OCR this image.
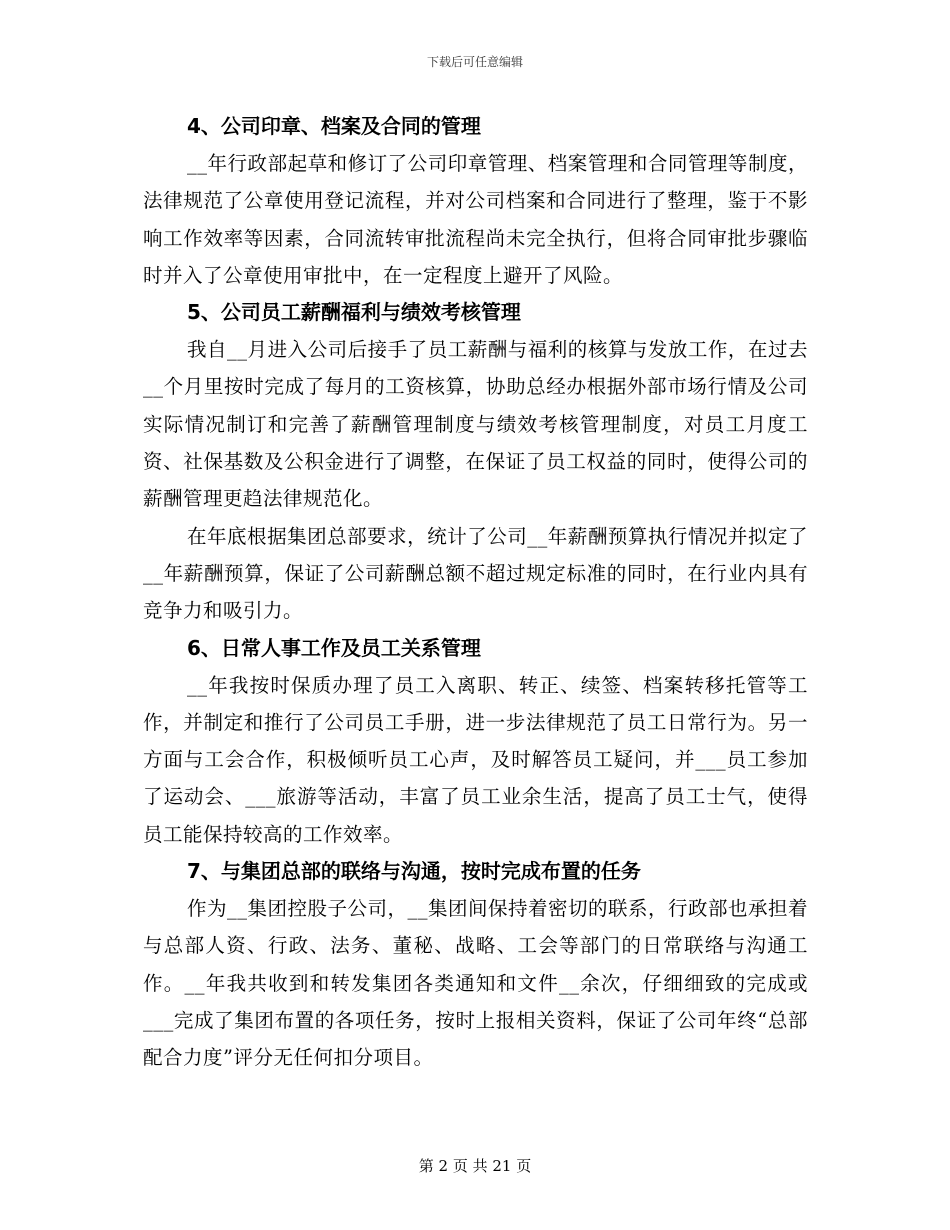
下载后可任意编辑
4、公司印章、档案及合同的管理

__年行政部起草和修订了公司印章管理、档案管理和合同管理等制度，法律规范了公章使用登记流程，并对公司档案和合同进行了整理，鉴于不影响工作效率等因素，合同流转审批流程尚未完全执行，但将合同审批步骤临时并入了公章使用审批中，在一定程度上避开了风险。

5、公司员工薪酬福利与绩效考核管理

我自__月进入公司后接手了员工薪酬与福利的核算与发放工作，在过去__个月里按时完成了每月的工资核算，协助总经办根据外部市场行情及公司实际情况制订和完善了薪酬管理制度与绩效考核管理制度，对员工月度工资、社保基数及公积金进行了调整，在保证了员工权益的同时，使得公司的薪酬管理更趋法律规范化。

在年底根据集团总部要求，统计了公司__年薪酬预算执行情况并拟定了__年薪酬预算，保证了公司薪酬总额不超过规定标准的同时，在行业内具有竞争力和吸引力。

6、日常人事工作及员工关系管理

__年我按时保质办理了员工入离职、转正、续签、档案转移托管等工作，并制定和推行了公司员工手册，进一步法律规范了员工日常行为。另一方面与工会合作，积极倾听员工心声，及时解答员工疑问，并___员工参加了运动会、___旅游等活动，丰富了员工业余生活，提高了员工士气，使得员工能保持较高的工作效率。

7、与集团总部的联络与沟通，按时完成布置的任务

作为__集团控股子公司，__集团间保持着密切的联系，行政部也承担着与总部人资、行政、法务、董秘、战略、工会等部门的日常联络与沟通工作。__年我共收到和转发集团各类通知和文件__余次，仔细细致的完成或___完成了集团布置的各项任务，按时上报相关资料，保证了公司年终“总部配合力度”评分无任何扣分项目。

第 2 页 共 21 页
